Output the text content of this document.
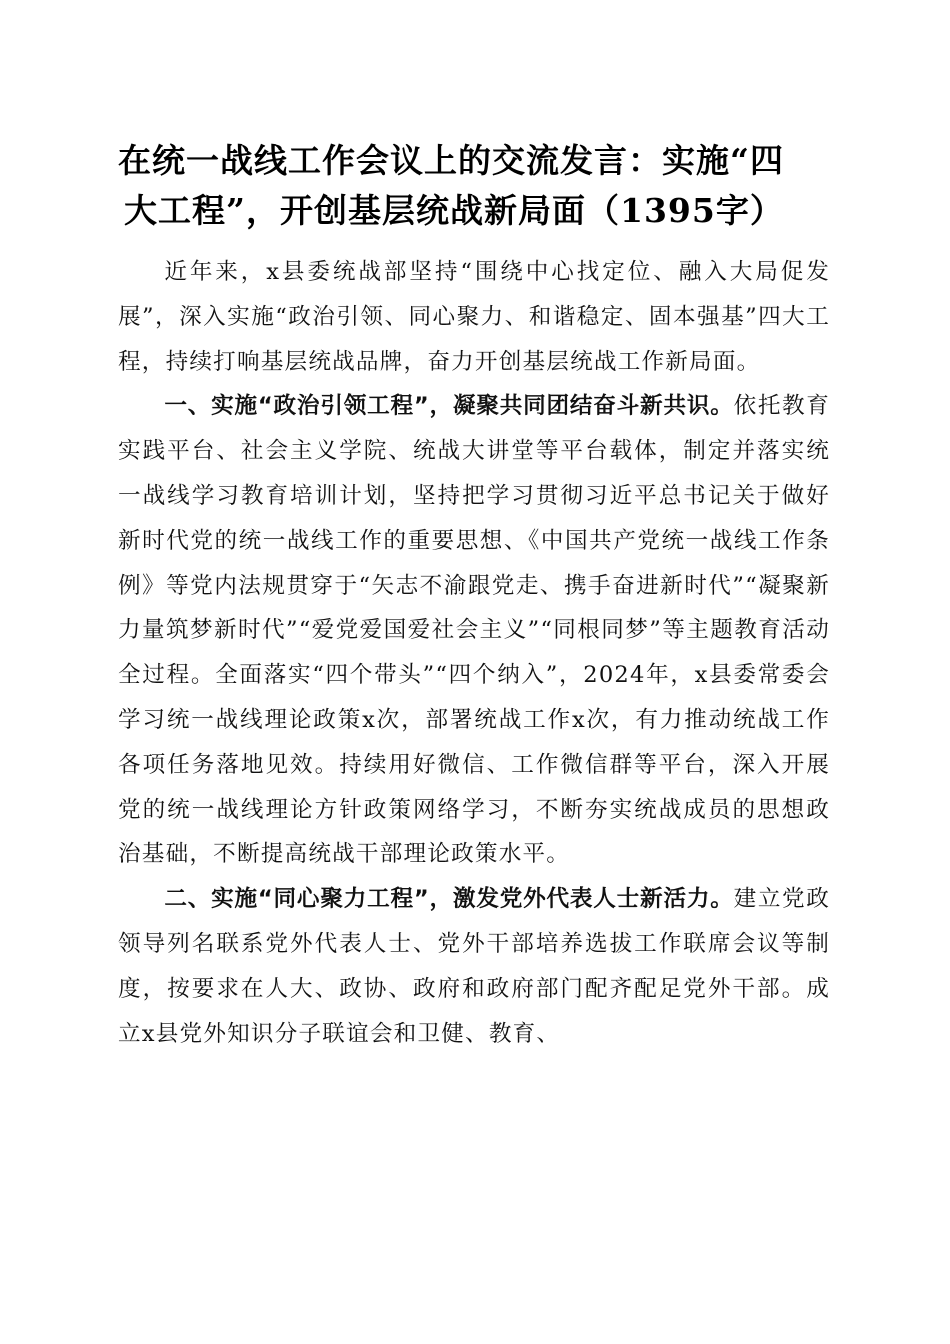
在统一战线工作会议上的交流发言：实施“四
大工程”，开创基层统战新局面（1395字）

近年来，x县委统战部坚持“围绕中心找定位、融入大局促发展”，深入实施“政治引领、同心聚力、和谐稳定、固本强基”四大工程，持续打响基层统战品牌，奋力开创基层统战工作新局面。

一、实施“政治引领工程”，凝聚共同团结奋斗新共识。依托教育实践平台、社会主义学院、统战大讲堂等平台载体，制定并落实统一战线学习教育培训计划，坚持把学习贯彻习近平总书记关于做好新时代党的统一战线工作的重要思想、《中国共产党统一战线工作条例》等党内法规贯穿于“矢志不渝跟党走、携手奋进新时代”“凝聚新力量筑梦新时代”“爱党爱国爱社会主义”“同根同梦”等主题教育活动全过程。全面落实“四个带头”“四个纳入”，2024年，x县委常委会学习统一战线理论政策x次，部署统战工作x次，有力推动统战工作各项任务落地见效。持续用好微信、工作微信群等平台，深入开展党的统一战线理论方针政策网络学习，不断夯实统战成员的思想政治基础，不断提高统战干部理论政策水平。

二、实施“同心聚力工程”，激发党外代表人士新活力。建立党政领导列名联系党外代表人士、党外干部培养选拔工作联席会议等制度，按要求在人大、政协、政府和政府部门配齐配足党外干部。成立x县党外知识分子联谊会和卫健、教育、
